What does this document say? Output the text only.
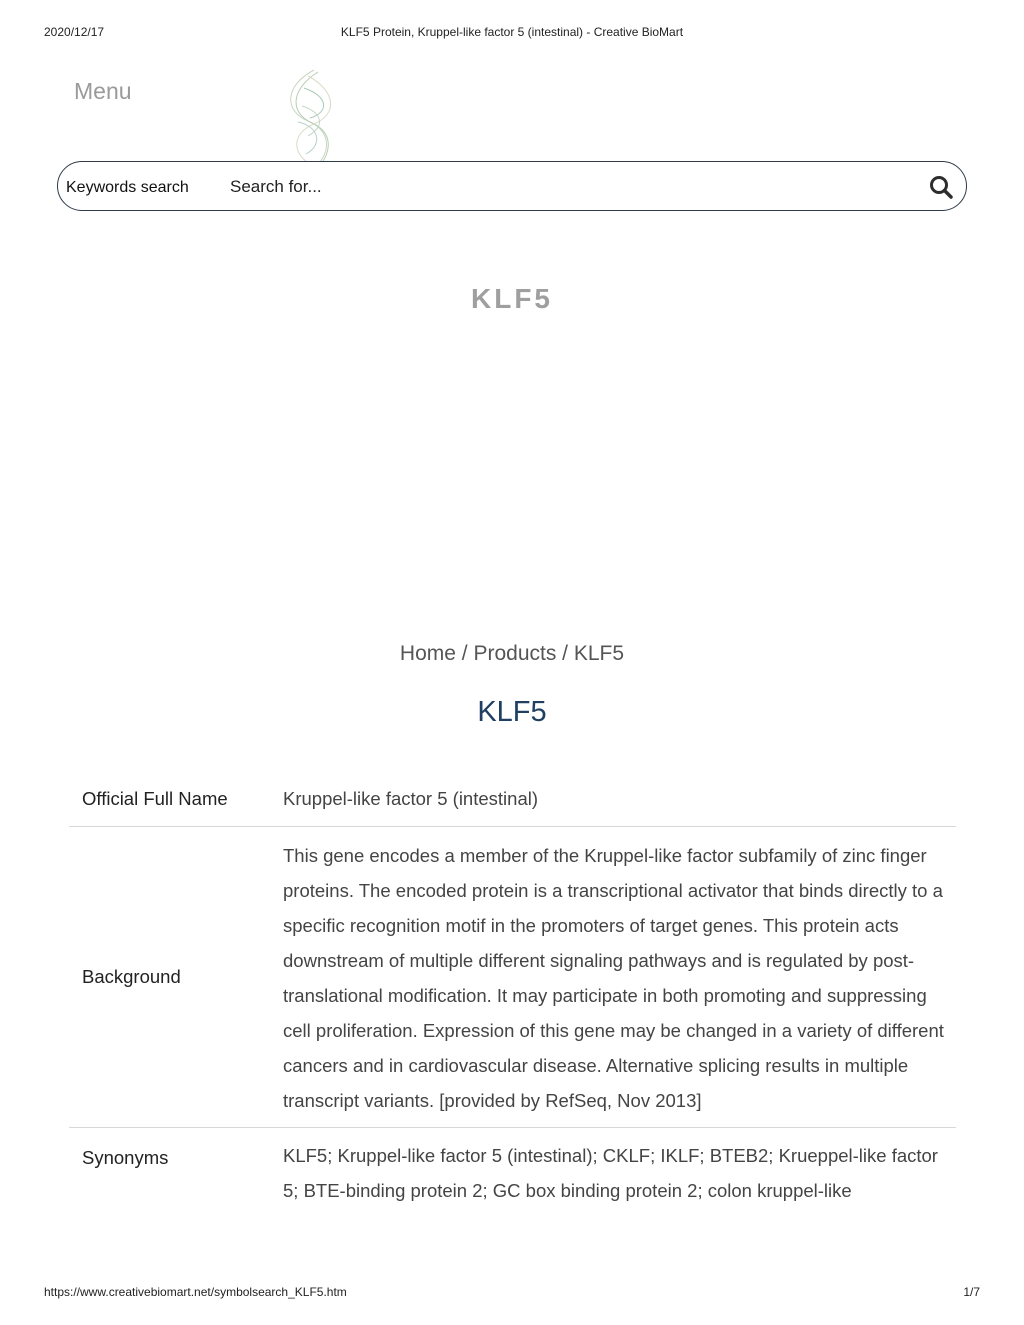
2020/12/17	KLF5 Protein, Kruppel-like factor 5 (intestinal) - Creative BioMart
Menu
Keywords search
Search for...
KLF5
Home / Products / KLF5
KLF5
Official Full Name	Kruppel-like factor 5 (intestinal)
Background	This gene encodes a member of the Kruppel-like factor subfamily of zinc finger proteins. The encoded protein is a transcriptional activator that binds directly to a specific recognition motif in the promoters of target genes. This protein acts downstream of multiple different signaling pathways and is regulated by post-translational modification. It may participate in both promoting and suppressing cell proliferation. Expression of this gene may be changed in a variety of different cancers and in cardiovascular disease. Alternative splicing results in multiple transcript variants. [provided by RefSeq, Nov 2013]
Synonyms	KLF5; Kruppel-like factor 5 (intestinal); CKLF; IKLF; BTEB2; Krueppel-like factor 5; BTE-binding protein 2; GC box binding protein 2; colon kruppel-like
https://www.creativebiomart.net/symbolsearch_KLF5.htm	1/7
